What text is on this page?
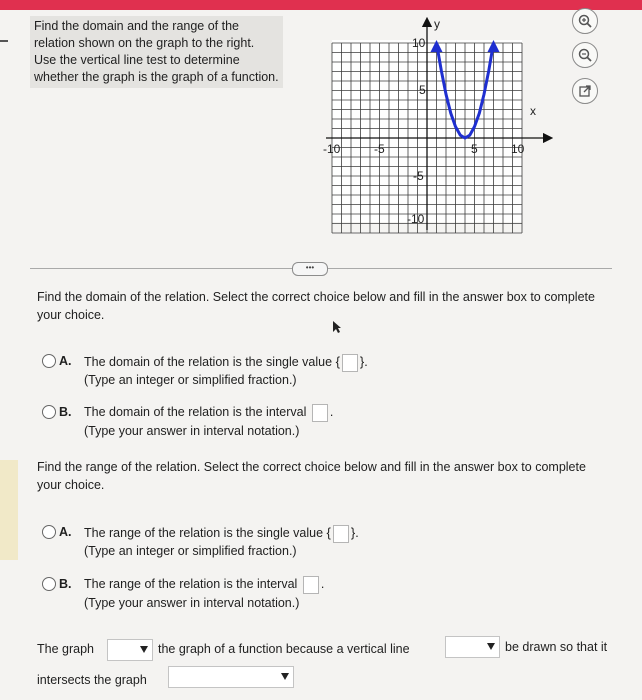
Find the domain and the range of the relation shown on the graph to the right. Use the vertical line test to determine whether the graph is the graph of a function.
10
5
-5
-10
-10	-5	5	10
x
y
•••
Find the domain of the relation. Select the correct choice below and fill in the answer box to complete your choice.
A. The domain of the relation is the single value { }.
(Type an integer or simplified fraction.)
B. The domain of the relation is the interval .
(Type your answer in interval notation.)
Find the range of the relation. Select the correct choice below and fill in the answer box to complete your choice.
A. The range of the relation is the single value { }.
(Type an integer or simplified fraction.)
B. The range of the relation is the interval .
(Type your answer in interval notation.)
The graph	the graph of a function because a vertical line	be drawn so that it
intersects the graph
